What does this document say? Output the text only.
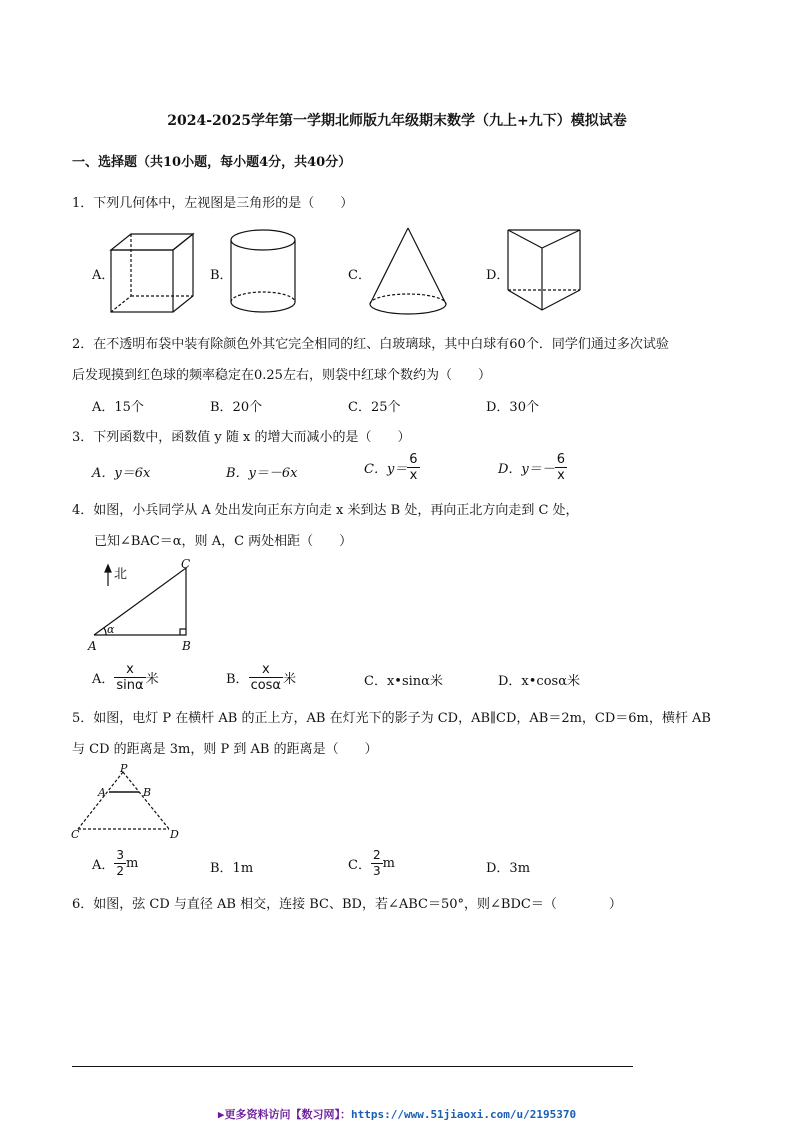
2024-2025学年第一学期北师版九年级期末数学（九上+九下）模拟试卷
一、选择题（共10小题，每小题4分，共40分）
1．下列几何体中，左视图是三角形的是（　　）
A．	B．	C．	D．
2．在不透明布袋中装有除颜色外其它完全相同的红、白玻璃球，其中白球有60个．同学们通过多次试验
后发现摸到红色球的频率稳定在0.25左右，则袋中红球个数约为（　　）
A．15个	B．20个	C．25个	D．30个
3．下列函数中，函数值 y 随 x 的增大而减小的是（　　）
A．y＝6x	B．y＝－6x	C．$y= \frac{6}{x}$	D．$y=- \frac{6}{x}$
4．如图，小兵同学从 A 处出发向正东方向走 x 米到达 B 处，再向正北方向走到 C 处，
已知∠BAC＝α，则 A，C 两处相距（　　）
北
α
A	B
C
A． $\frac{x}{\sin\alpha}$ 米	B． $\frac{x}{\cos\alpha}$ 米	C．x•sinα米	D．x•cosα米
5．如图，电灯 P 在横杆 AB 的正上方，AB 在灯光下的影子为 CD，AB∥CD，AB＝2m，CD＝6m，横杆 AB
与 CD 的距离是 3m，则 P 到 AB 的距离是（　　）
P
A	B
C	D
A． $\frac{3}{2}$ m	B．1m	C． $\frac{2}{3}$ m	D．3m
6．如图，弦 CD 与直径 AB 相交，连接 BC、BD，若∠ABC＝50°，则∠BDC＝（　　　　）
▶更多资料访问【数习网】：https://www.51jiaoxi.com/u/2195370
